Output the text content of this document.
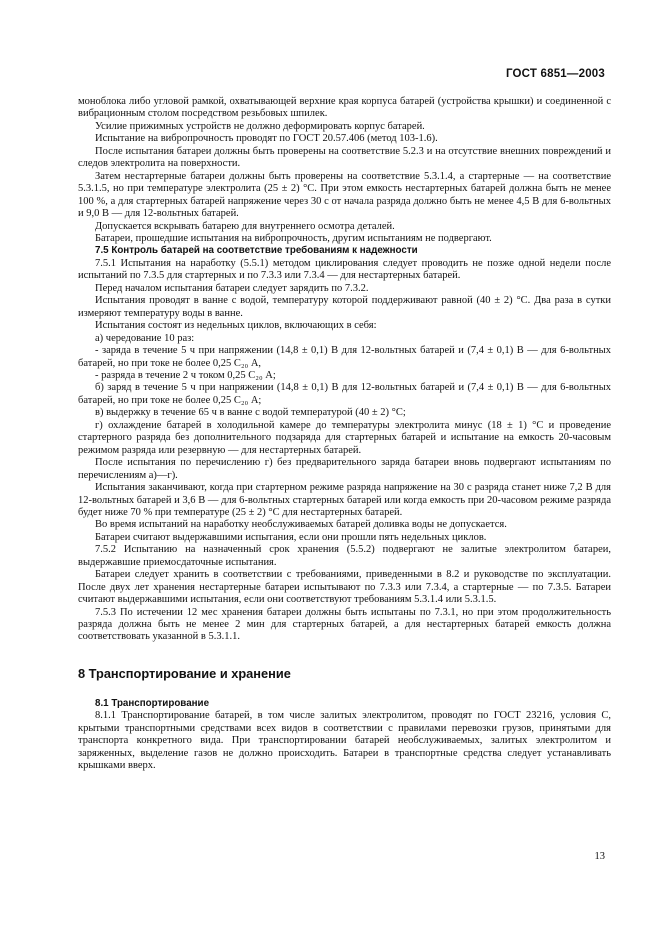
ГОСТ 6851—2003

моноблока либо угловой рамкой, охватывающей верхние края корпуса батарей (устройства крышки) и соединенной с вибрационным столом посредством резьбовых шпилек.

Усилие прижимных устройств не должно деформировать корпус батарей.

Испытание на вибропрочность проводят по ГОСТ 20.57.406 (метод 103-1.6).

После испытания батареи должны быть проверены на соответствие 5.2.3 и на отсутствие внешних повреждений и следов электролита на поверхности.

Затем нестартерные батареи должны быть проверены на соответствие 5.3.1.4, а стартерные — на соответствие 5.3.1.5, но при температуре электролита (25 ± 2) °С. При этом емкость нестартерных батарей должна быть не менее 100 %, а для стартерных батарей напряжение через 30 с от начала разряда должно быть не менее 4,5 В для 6-вольтных и 9,0 В — для 12-вольтных батарей.

Допускается вскрывать батарею для внутреннего осмотра деталей.

Батареи, прошедшие испытания на вибропрочность, другим испытаниям не подвергают.

7.5 Контроль батарей на соответствие требованиям к надежности

7.5.1 Испытания на наработку (5.5.1) методом циклирования следует проводить не позже одной недели после испытаний по 7.3.5 для стартерных и по 7.3.3 или 7.3.4 — для нестартерных батарей.

Перед началом испытания батареи следует зарядить по 7.3.2.

Испытания проводят в ванне с водой, температуру которой поддерживают равной (40 ± 2) °С. Два раза в сутки измеряют температуру воды в ванне.

Испытания состоят из недельных циклов, включающих в себя:

а) чередование 10 раз:

- заряда в течение 5 ч при напряжении (14,8 ± 0,1) В для 12-вольтных батарей и (7,4 ± 0,1) В — для 6-вольтных батарей, но при токе не более 0,25 C₂₀ А,

- разряда в течение 2 ч током 0,25 C₂₀ А;

б) заряд в течение 5 ч при напряжении (14,8 ± 0,1) В для 12-вольтных батарей и (7,4 ± 0,1) В — для 6-вольтных батарей, но при токе не более 0,25 C₂₀ А;

в) выдержку в течение 65 ч в ванне с водой температурой (40 ± 2) °С;

г) охлаждение батарей в холодильной камере до температуры электролита минус (18 ± 1) °С и проведение стартерного разряда без дополнительного подзаряда для стартерных батарей и испытание на емкость 20-часовым режимом разряда или резервную — для нестартерных батарей.

После испытания по перечислению г) без предварительного заряда батареи вновь подвергают испытаниям по перечислениям а)—г).

Испытания заканчивают, когда при стартерном режиме разряда напряжение на 30 с разряда станет ниже 7,2 В для 12-вольтных батарей и 3,6 В — для 6-вольтных стартерных батарей или когда емкость при 20-часовом режиме разряда будет ниже 70 % при температуре (25 ± 2) °С для нестартерных батарей.

Во время испытаний на наработку необслуживаемых батарей доливка воды не допускается.

Батареи считают выдержавшими испытания, если они прошли пять недельных циклов.

7.5.2 Испытанию на назначенный срок хранения (5.5.2) подвергают не залитые электролитом батареи, выдержавшие приемосдаточные испытания.

Батареи следует хранить в соответствии с требованиями, приведенными в 8.2 и руководстве по эксплуатации. После двух лет хранения нестартерные батареи испытывают по 7.3.3 или 7.3.4, а стартерные — по 7.3.5. Батареи считают выдержавшими испытания, если они соответствуют требованиям 5.3.1.4 или 5.3.1.5.

7.5.3 По истечении 12 мес хранения батареи должны быть испытаны по 7.3.1, но при этом продолжительность разряда должна быть не менее 2 мин для стартерных батарей, а для нестартерных батарей емкость должна соответствовать указанной в 5.3.1.1.

8 Транспортирование и хранение

8.1 Транспортирование

8.1.1 Транспортирование батарей, в том числе залитых электролитом, проводят по ГОСТ 23216, условия С, крытыми транспортными средствами всех видов в соответствии с правилами перевозки грузов, принятыми для транспорта конкретного вида. При транспортировании батарей необслуживаемых, залитых электролитом и заряженных, выделение газов не должно происходить. Батареи в транспортные средства следует устанавливать крышками вверх.

13
